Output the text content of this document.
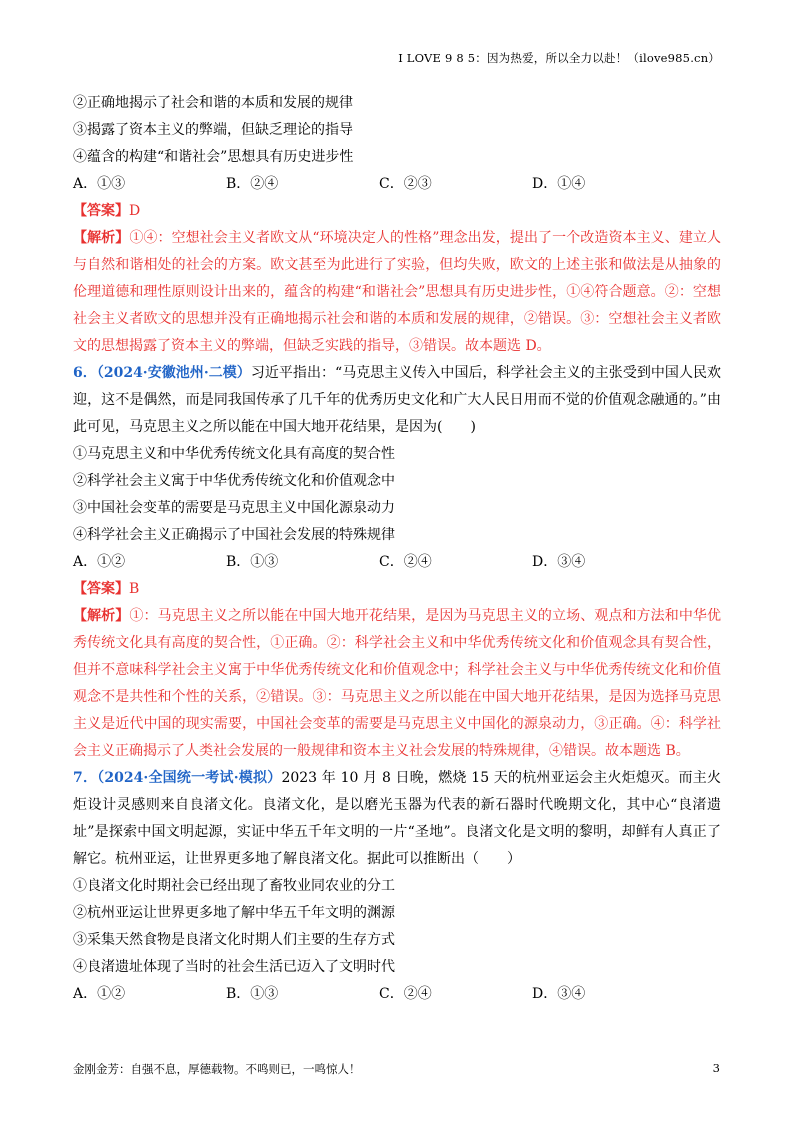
I LOVE 9 8 5：因为热爱，所以全力以赴！（ilove985.cn）
②正确地揭示了社会和谐的本质和发展的规律
③揭露了资本主义的弊端，但缺乏理论的指导
④蕴含的构建“和谐社会”思想具有历史进步性
A．①③	B．②④	C．②③	D．①④
【答案】D
【解析】①④：空想社会主义者欧文从“环境决定人的性格”理念出发，提出了一个改造资本主义、建立人与自然和谐相处的社会的方案。欧文甚至为此进行了实验，但均失败，欧文的上述主张和做法是从抽象的伦理道德和理性原则设计出来的，蕴含的构建“和谐社会”思想具有历史进步性，①④符合题意。②：空想社会主义者欧文的思想并没有正确地揭示社会和谐的本质和发展的规律，②错误。③：空想社会主义者欧文的思想揭露了资本主义的弊端，但缺乏实践的指导，③错误。故本题选 D。
6．（2024·安徽池州·二模）习近平指出：“马克思主义传入中国后，科学社会主义的主张受到中国人民欢迎，这不是偶然，而是同我国传承了几千年的优秀历史文化和广大人民日用而不觉的价值观念融通的。”由此可见，马克思主义之所以能在中国大地开花结果，是因为(　　)
①马克思主义和中华优秀传统文化具有高度的契合性
②科学社会主义寓于中华优秀传统文化和价值观念中
③中国社会变革的需要是马克思主义中国化源泉动力
④科学社会主义正确揭示了中国社会发展的特殊规律
A．①②	B．①③	C．②④	D．③④
【答案】B
【解析】①：马克思主义之所以能在中国大地开花结果，是因为马克思主义的立场、观点和方法和中华优秀传统文化具有高度的契合性，①正确。②：科学社会主义和中华优秀传统文化和价值观念具有契合性，但并不意味科学社会主义寓于中华优秀传统文化和价值观念中；科学社会主义与中华优秀传统文化和价值观念不是共性和个性的关系，②错误。③：马克思主义之所以能在中国大地开花结果，是因为选择马克思主义是近代中国的现实需要，中国社会变革的需要是马克思主义中国化的源泉动力，③正确。④：科学社会主义正确揭示了人类社会发展的一般规律和资本主义社会发展的特殊规律，④错误。故本题选 B。
7．（2024·全国统一考试·模拟）2023 年 10 月 8 日晚，燃烧 15 天的杭州亚运会主火炬熄灭。而主火炬设计灵感则来自良渚文化。良渚文化，是以磨光玉器为代表的新石器时代晚期文化，其中心“良渚遗址”是探索中国文明起源，实证中华五千年文明的一片“圣地”。良渚文化是文明的黎明，却鲜有人真正了解它。杭州亚运，让世界更多地了解良渚文化。据此可以推断出（　　）
①良渚文化时期社会已经出现了畜牧业同农业的分工
②杭州亚运让世界更多地了解中华五千年文明的渊源
③采集天然食物是良渚文化时期人们主要的生存方式
④良渚遗址体现了当时的社会生活已迈入了文明时代
A．①②	B．①③	C．②④	D．③④
金刚金芳：自强不息，厚德载物。不鸣则已，一鸣惊人！	3
